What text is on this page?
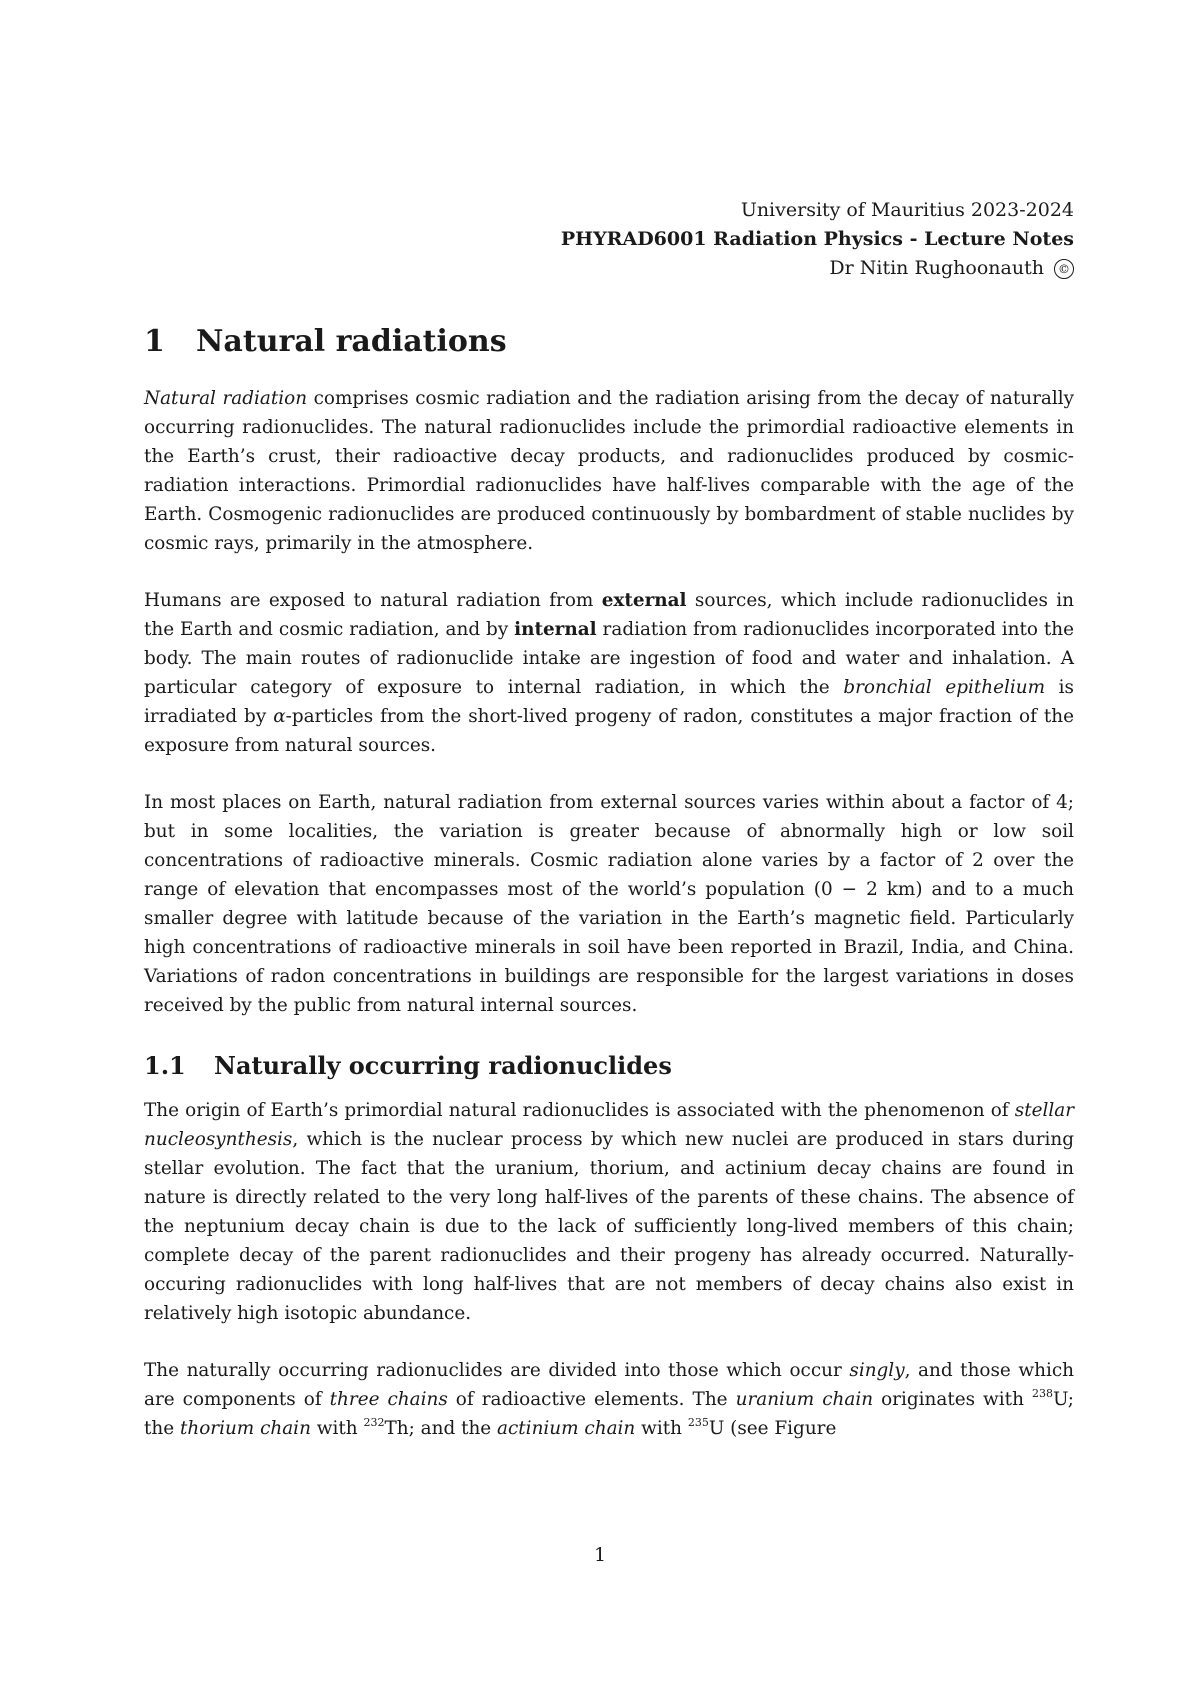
University of Mauritius 2023-2024
PHYRAD6001 Radiation Physics - Lecture Notes
Dr Nitin Rughoonauth ©
1 Natural radiations

Natural radiation comprises cosmic radiation and the radiation arising from the decay of naturally occurring radionuclides. The natural radionuclides include the primordial radioactive elements in the Earth’s crust, their radioactive decay products, and radionuclides produced by cosmic-radiation interactions. Primordial radionuclides have half-lives comparable with the age of the Earth. Cosmogenic radionuclides are produced continuously by bombardment of stable nuclides by cosmic rays, primarily in the atmosphere.

Humans are exposed to natural radiation from external sources, which include radionuclides in the Earth and cosmic radiation, and by internal radiation from radionuclides incorporated into the body. The main routes of radionuclide intake are ingestion of food and water and inhalation. A particular category of exposure to internal radiation, in which the bronchial epithelium is irradiated by α-particles from the short-lived progeny of radon, constitutes a major fraction of the exposure from natural sources.

In most places on Earth, natural radiation from external sources varies within about a factor of 4; but in some localities, the variation is greater because of abnormally high or low soil concentrations of radioactive minerals. Cosmic radiation alone varies by a factor of 2 over the range of elevation that encompasses most of the world’s population (0 − 2 km) and to a much smaller degree with latitude because of the variation in the Earth’s magnetic field. Particularly high concentrations of radioactive minerals in soil have been reported in Brazil, India, and China. Variations of radon concentrations in buildings are responsible for the largest variations in doses received by the public from natural internal sources.

1.1 Naturally occurring radionuclides

The origin of Earth’s primordial natural radionuclides is associated with the phenomenon of stellar nucleosynthesis, which is the nuclear process by which new nuclei are produced in stars during stellar evolution. The fact that the uranium, thorium, and actinium decay chains are found in nature is directly related to the very long half-lives of the parents of these chains. The absence of the neptunium decay chain is due to the lack of sufficiently long-lived members of this chain; complete decay of the parent radionuclides and their progeny has already occurred. Naturally- occuring radionuclides with long half-lives that are not members of decay chains also exist in relatively high isotopic abundance.

The naturally occurring radionuclides are divided into those which occur singly, and those which are components of three chains of radioactive elements. The uranium chain originates with $^{238}$U; the thorium chain with $^{232}$Th; and the actinium chain with $^{235}$U (see Figure

1
